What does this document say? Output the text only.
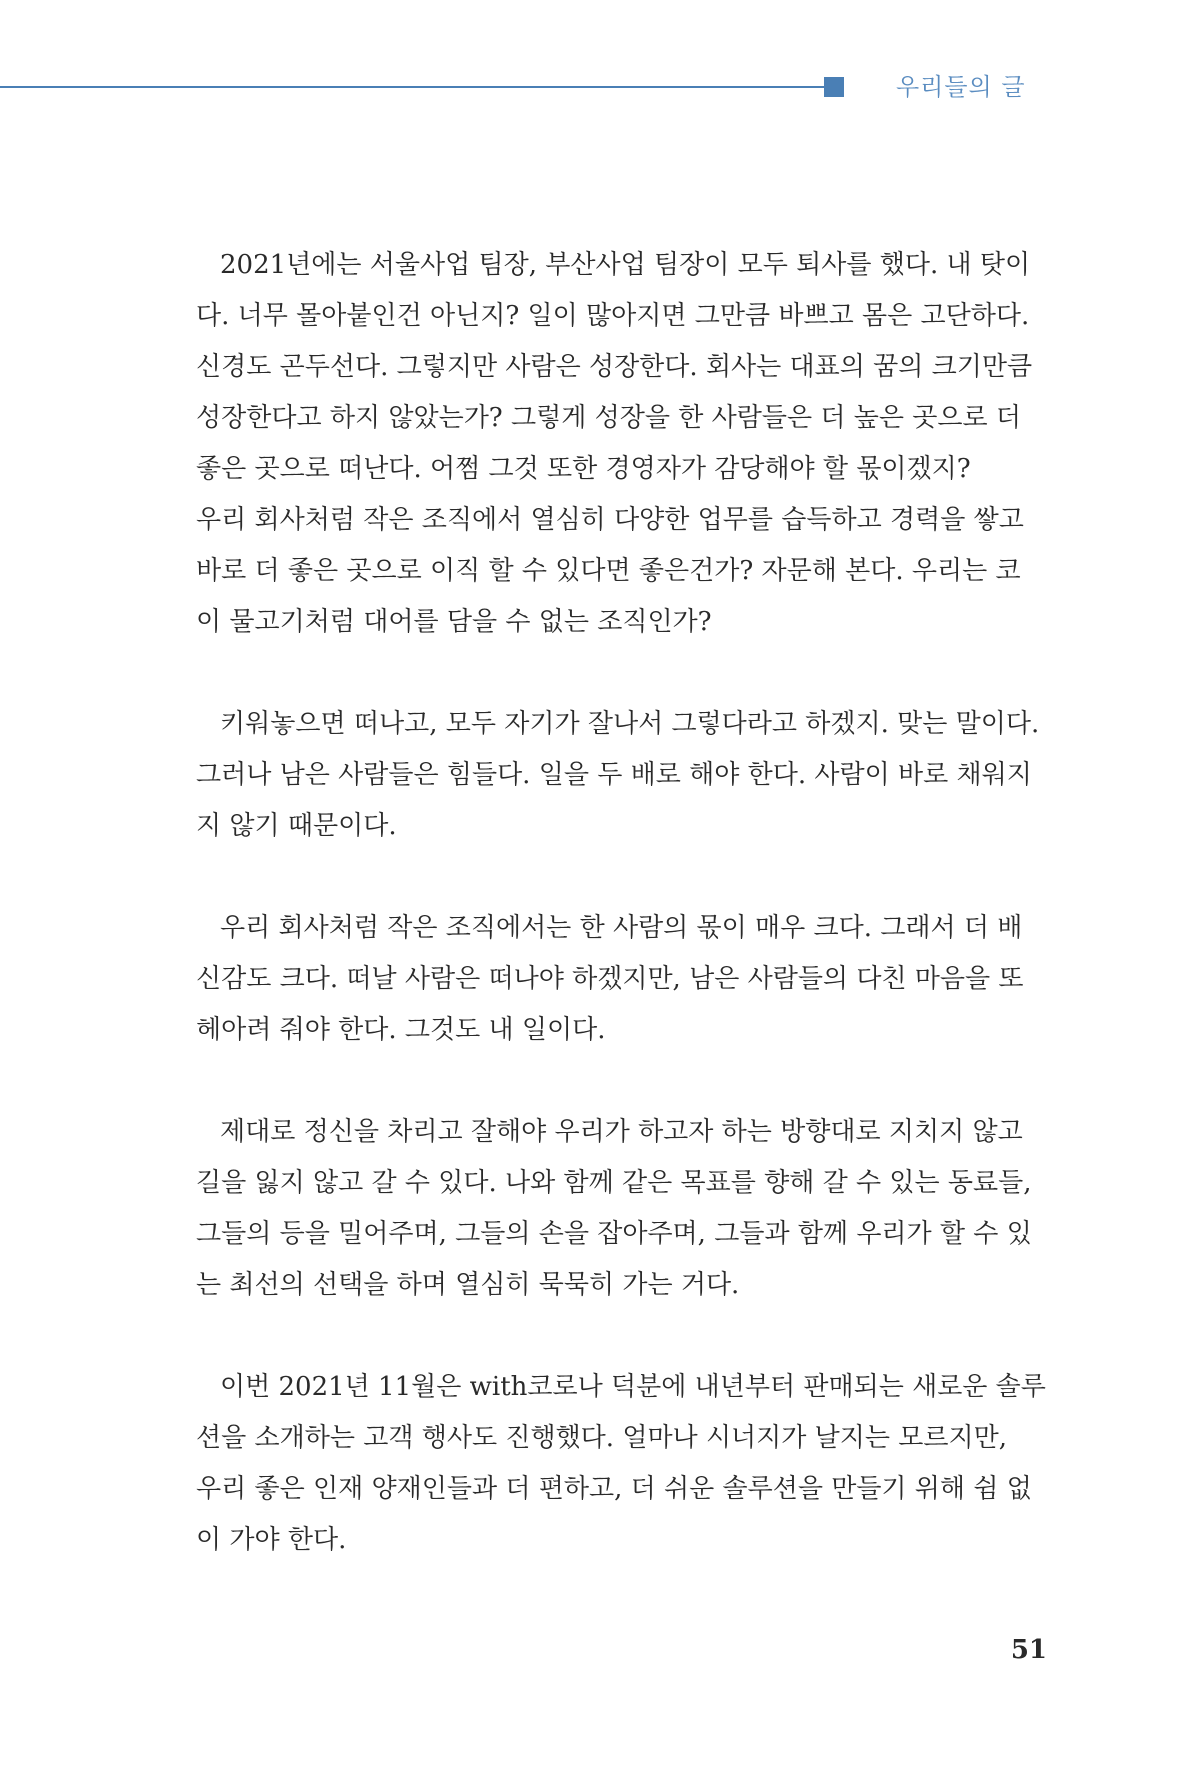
우리들의 글

2021년에는 서울사업 팀장, 부산사업 팀장이 모두 퇴사를 했다. 내 탓이
다. 너무 몰아붙인건 아닌지? 일이 많아지면 그만큼 바쁘고 몸은 고단하다.
신경도 곤두선다. 그렇지만 사람은 성장한다. 회사는 대표의 꿈의 크기만큼
성장한다고 하지 않았는가? 그렇게 성장을 한 사람들은 더 높은 곳으로 더
좋은 곳으로 떠난다. 어쩜 그것 또한 경영자가 감당해야 할 몫이겠지?
우리 회사처럼 작은 조직에서 열심히 다양한 업무를 습득하고 경력을 쌓고
바로 더 좋은 곳으로 이직 할 수 있다면 좋은건가? 자문해 본다. 우리는 코
이 물고기처럼 대어를 담을 수 없는 조직인가?

키워놓으면 떠나고, 모두 자기가 잘나서 그렇다라고 하겠지. 맞는 말이다.
그러나 남은 사람들은 힘들다. 일을 두 배로 해야 한다. 사람이 바로 채워지
지 않기 때문이다.

우리 회사처럼 작은 조직에서는 한 사람의 몫이 매우 크다. 그래서 더 배
신감도 크다. 떠날 사람은 떠나야 하겠지만, 남은 사람들의 다친 마음을 또
헤아려 줘야 한다. 그것도 내 일이다.

제대로 정신을 차리고 잘해야 우리가 하고자 하는 방향대로 지치지 않고
길을 잃지 않고 갈 수 있다. 나와 함께 같은 목표를 향해 갈 수 있는 동료들,
그들의 등을 밀어주며, 그들의 손을 잡아주며, 그들과 함께 우리가 할 수 있
는 최선의 선택을 하며 열심히 묵묵히 가는 거다.

이번 2021년 11월은 with코로나 덕분에 내년부터 판매되는 새로운 솔루
션을 소개하는 고객 행사도 진행했다. 얼마나 시너지가 날지는 모르지만,
우리 좋은 인재 양재인들과 더 편하고, 더 쉬운 솔루션을 만들기 위해 쉼 없
이 가야 한다.

51
